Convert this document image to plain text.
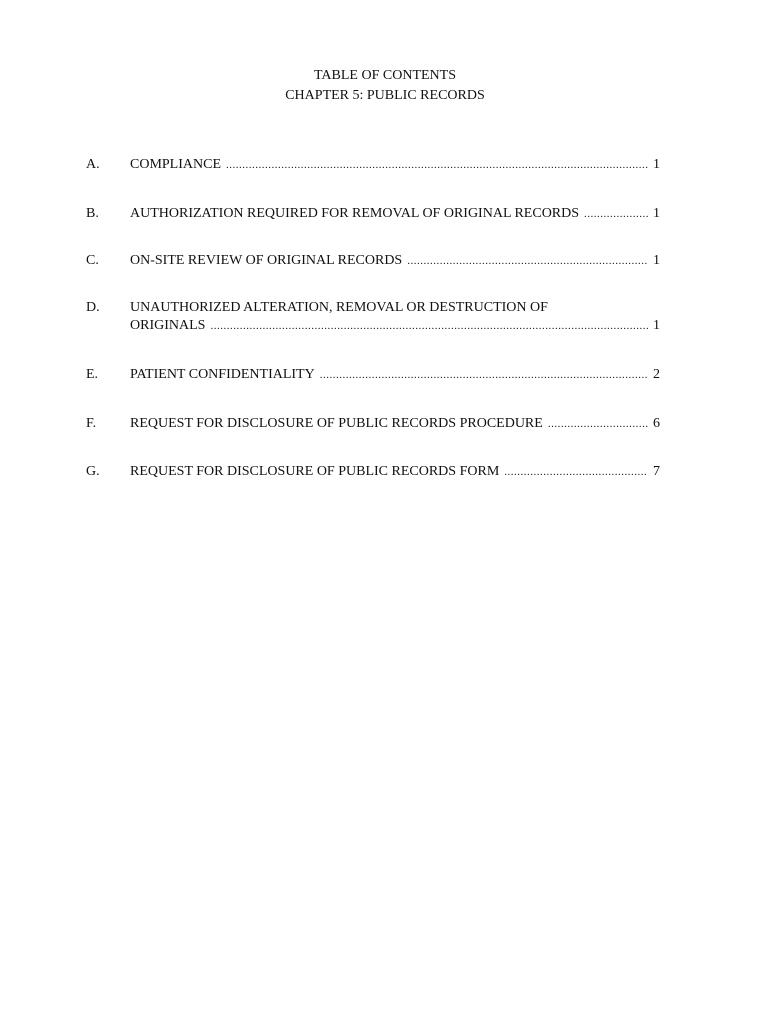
TABLE OF CONTENTS
CHAPTER 5: PUBLIC RECORDS
A.	COMPLIANCE .....	1
B.	AUTHORIZATION REQUIRED FOR REMOVAL OF ORIGINAL RECORDS .....	1
C.	ON-SITE REVIEW OF ORIGINAL RECORDS .....	1
D.	UNAUTHORIZED ALTERATION, REMOVAL OR DESTRUCTION OF
ORIGINALS .....	1
E.	PATIENT CONFIDENTIALITY .....	2
F.	REQUEST FOR DISCLOSURE OF PUBLIC RECORDS PROCEDURE .....	6
G.	REQUEST FOR DISCLOSURE OF PUBLIC RECORDS FORM .....	7
